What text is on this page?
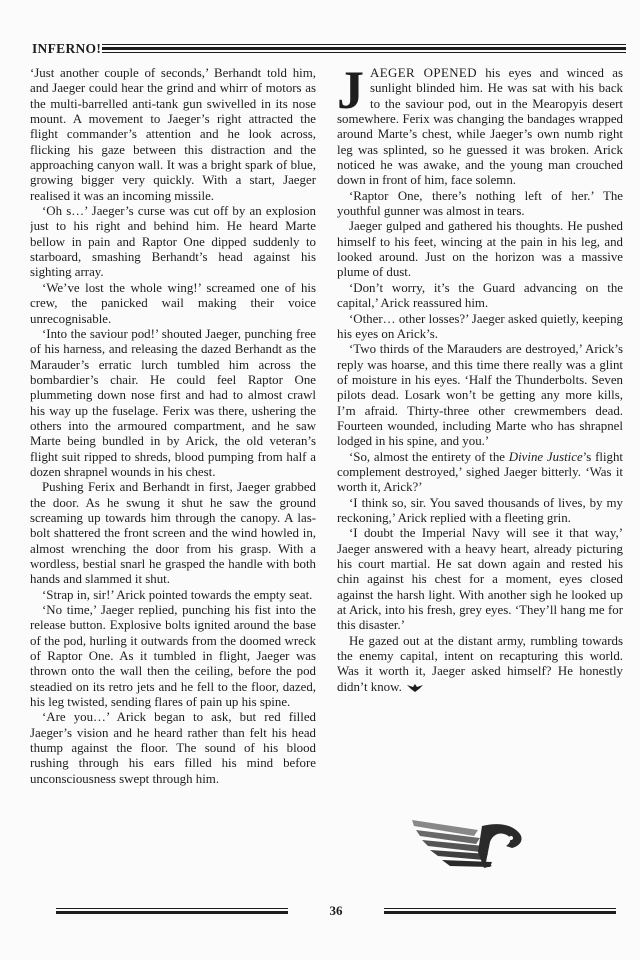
INFERNO!

‘Just another couple of seconds,’ Berhandt told him, and Jaeger could hear the grind and whirr of motors as the multi-barrelled anti-tank gun swivelled in its nose mount. A movement to Jaeger’s right attracted the flight commander’s attention and he look across, flicking his gaze between this distraction and the approaching canyon wall. It was a bright spark of blue, growing bigger very quickly. With a start, Jaeger realised it was an incoming missile.

‘Oh s…’ Jaeger’s curse was cut off by an explosion just to his right and behind him. He heard Marte bellow in pain and Raptor One dipped suddenly to starboard, smashing Berhandt’s head against his sighting array.

‘We’ve lost the whole wing!’ screamed one of his crew, the panicked wail making their voice unrecognisable.

‘Into the saviour pod!’ shouted Jaeger, punching free of his harness, and releasing the dazed Berhandt as the Marauder’s erratic lurch tumbled him across the bombardier’s chair. He could feel Raptor One plummeting down nose first and had to almost crawl his way up the fuselage. Ferix was there, ushering the others into the armoured compartment, and he saw Marte being bundled in by Arick, the old veteran’s flight suit ripped to shreds, blood pumping from half a dozen shrapnel wounds in his chest.

Pushing Ferix and Berhandt in first, Jaeger grabbed the door. As he swung it shut he saw the ground screaming up towards him through the canopy. A las-bolt shattered the front screen and the wind howled in, almost wrenching the door from his grasp. With a wordless, bestial snarl he grasped the handle with both hands and slammed it shut.

‘Strap in, sir!’ Arick pointed towards the empty seat.

‘No time,’ Jaeger replied, punching his fist into the release button. Explosive bolts ignited around the base of the pod, hurling it outwards from the doomed wreck of Raptor One. As it tumbled in flight, Jaeger was thrown onto the wall then the ceiling, before the pod steadied on its retro jets and he fell to the floor, dazed, his leg twisted, sending flares of pain up his spine.

‘Are you…’ Arick began to ask, but red filled Jaeger’s vision and he heard rather than felt his head thump against the floor. The sound of his blood rushing through his ears filled his mind before unconsciousness swept through him.

JAEGER OPENED his eyes and winced as sunlight blinded him. He was sat with his back to the saviour pod, out in the Mearopyis desert somewhere. Ferix was changing the bandages wrapped around Marte’s chest, while Jaeger’s own numb right leg was splinted, so he guessed it was broken. Arick noticed he was awake, and the young man crouched down in front of him, face solemn.

‘Raptor One, there’s nothing left of her.’ The youthful gunner was almost in tears.

Jaeger gulped and gathered his thoughts. He pushed himself to his feet, wincing at the pain in his leg, and looked around. Just on the horizon was a massive plume of dust.

‘Don’t worry, it’s the Guard advancing on the capital,’ Arick reassured him.

‘Other… other losses?’ Jaeger asked quietly, keeping his eyes on Arick’s.

‘Two thirds of the Marauders are destroyed,’ Arick’s reply was hoarse, and this time there really was a glint of moisture in his eyes. ‘Half the Thunderbolts. Seven pilots dead. Losark won’t be getting any more kills, I’m afraid. Thirty-three other crewmembers dead. Fourteen wounded, including Marte who has shrapnel lodged in his spine, and you.’

‘So, almost the entirety of the Divine Justice’s flight complement destroyed,’ sighed Jaeger bitterly. ‘Was it worth it, Arick?’

‘I think so, sir. You saved thousands of lives, by my reckoning,’ Arick replied with a fleeting grin.

‘I doubt the Imperial Navy will see it that way,’ Jaeger answered with a heavy heart, already picturing his court martial. He sat down again and rested his chin against his chest for a moment, eyes closed against the harsh light. With another sigh he looked up at Arick, into his fresh, grey eyes. ‘They’ll hang me for this disaster.’

He gazed out at the distant army, rumbling towards the enemy capital, intent on recapturing this world. Was it worth it, Jaeger asked himself? He honestly didn’t know.

36
